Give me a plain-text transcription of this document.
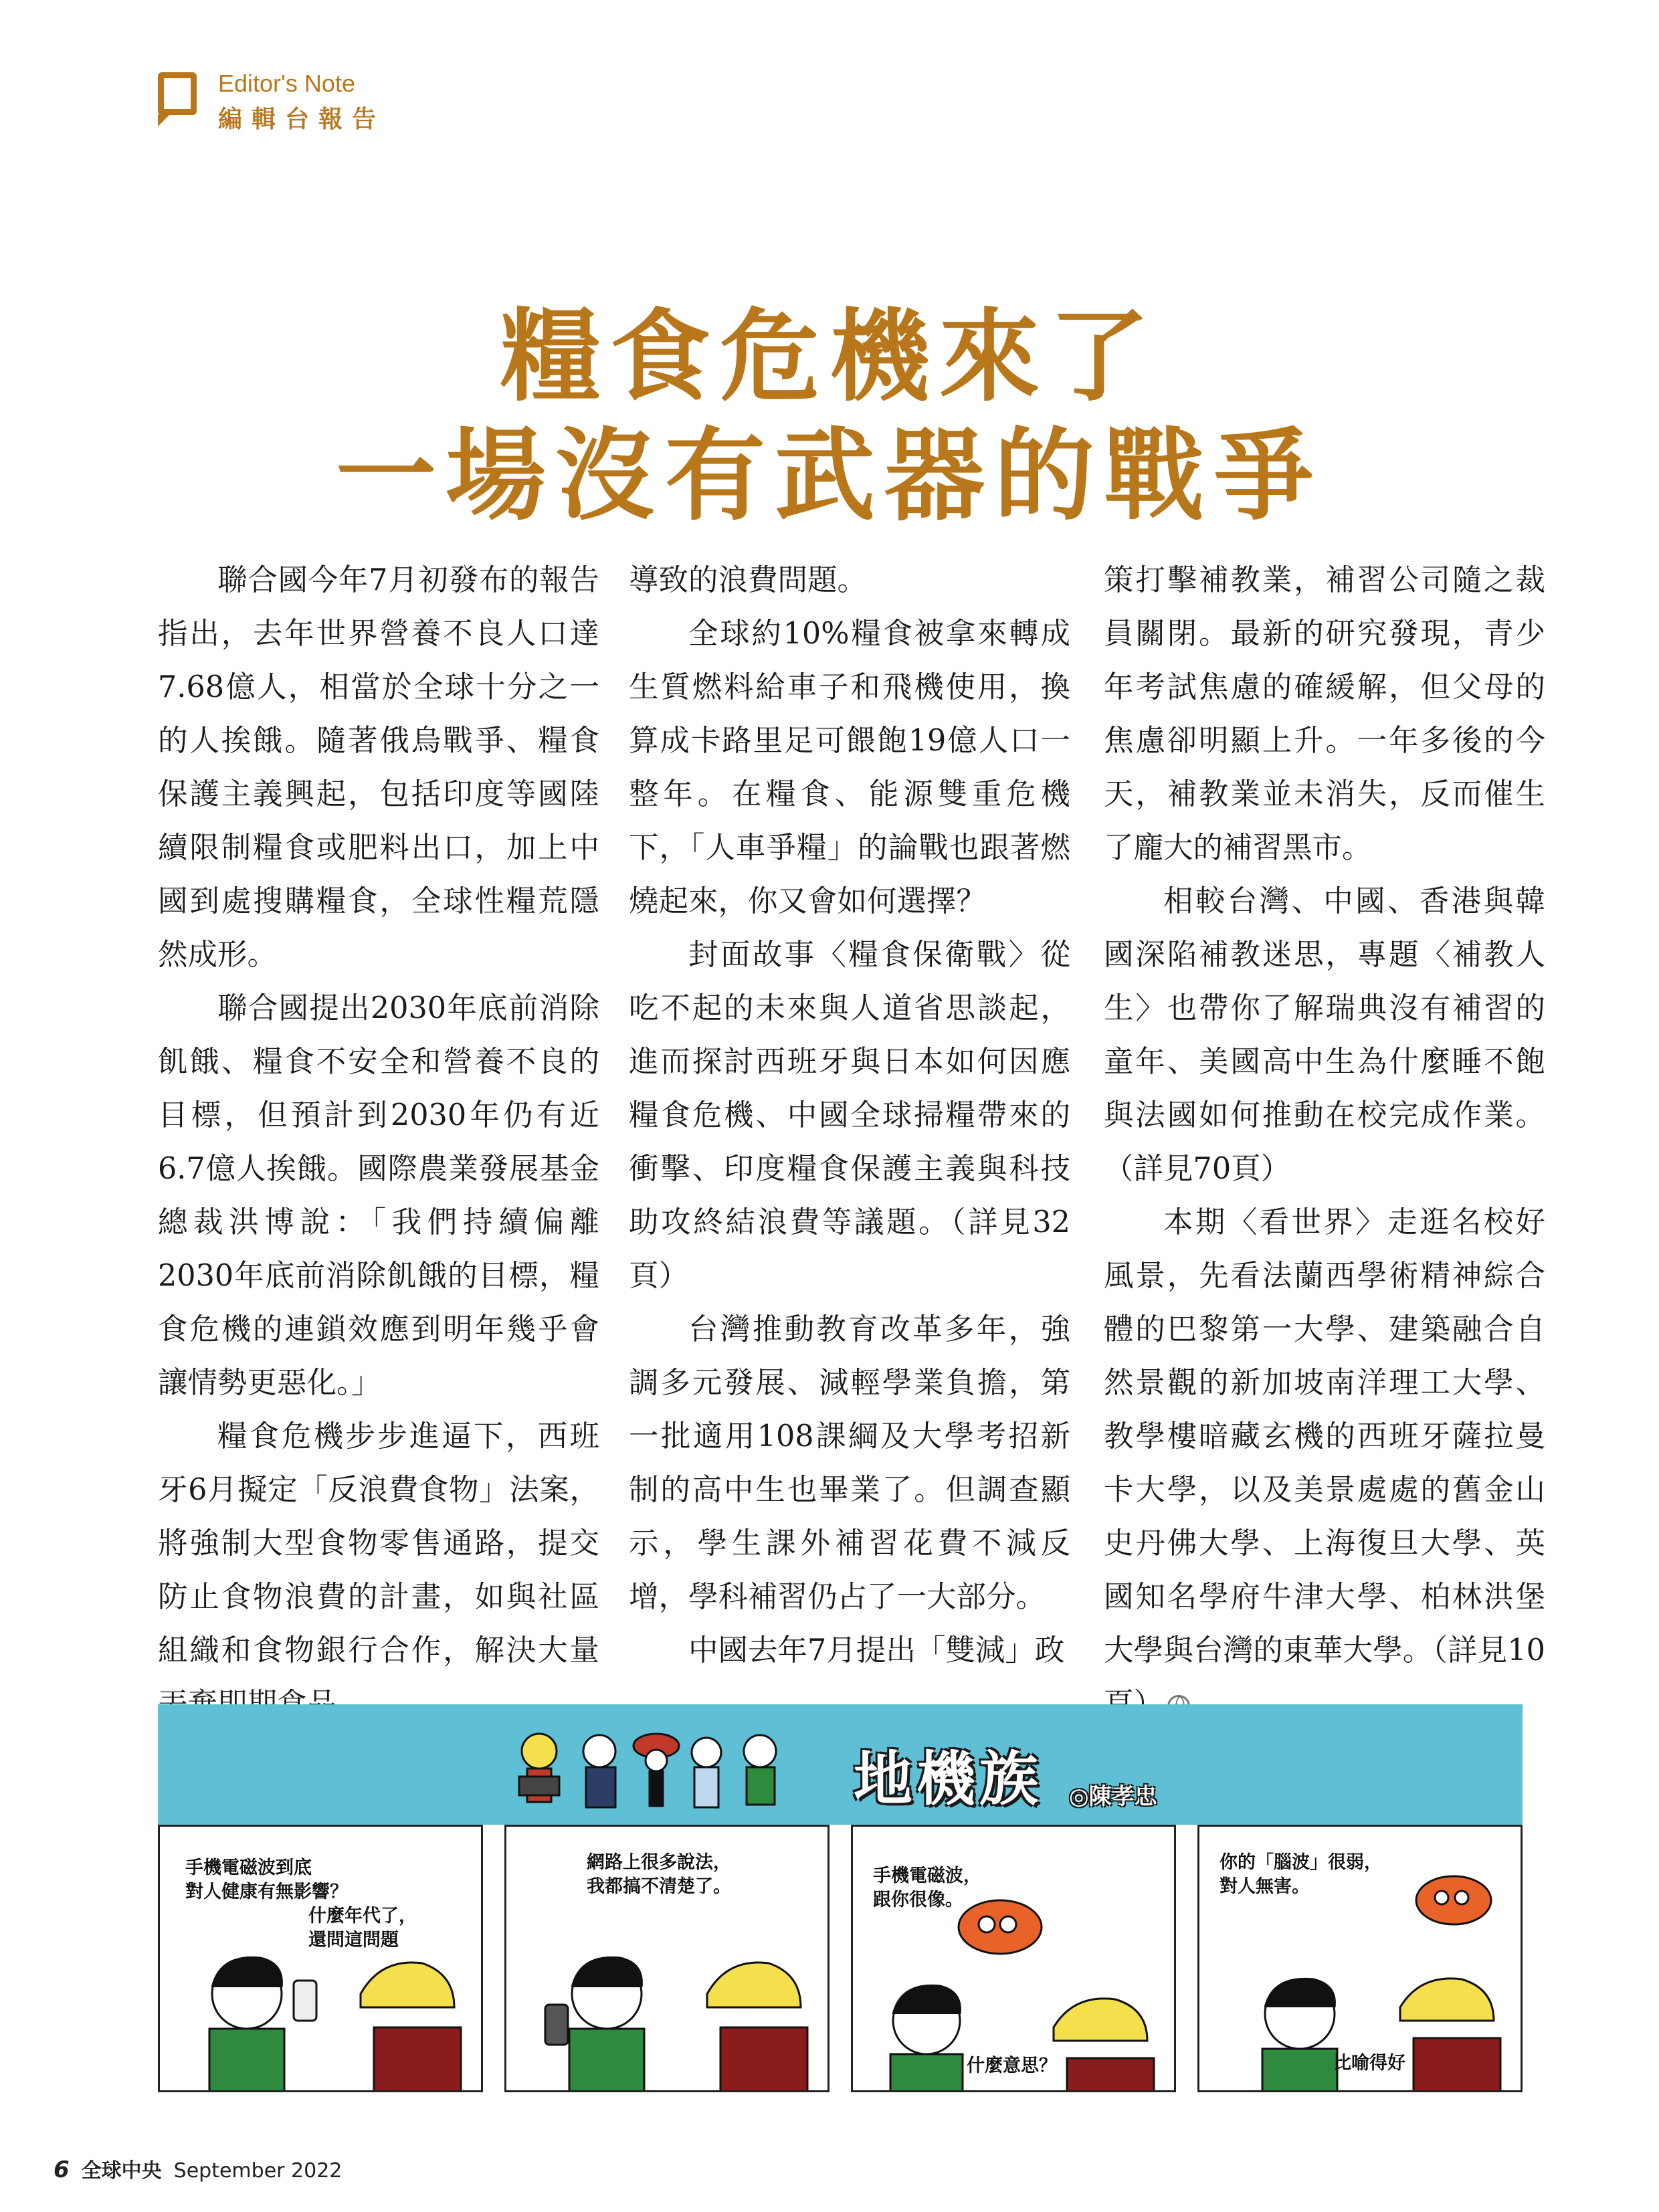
Editor's Note
編輯台報告
糧食危機來了
一場沒有武器的戰爭

聯合國今年7月初發布的報告指出，去年世界營養不良人口達7.68億人，相當於全球十分之一的人挨餓。隨著俄烏戰爭、糧食保護主義興起，包括印度等國陸續限制糧食或肥料出口，加上中國到處搜購糧食，全球性糧荒隱然成形。

聯合國提出2030年底前消除飢餓、糧食不安全和營養不良的目標，但預計到2030年仍有近6.7億人挨餓。國際農業發展基金總裁洪博說：「我們持續偏離2030年底前消除飢餓的目標，糧食危機的連鎖效應到明年幾乎會讓情勢更惡化。」

糧食危機步步進逼下，西班牙6月擬定「反浪費食物」法案，將強制大型食物零售通路，提交防止食物浪費的計畫，如與社區組織和食物銀行合作，解決大量

導致的浪費問題。

全球約10%糧食被拿來轉成生質燃料給車子和飛機使用，換算成卡路里足可餵飽19億人口一整年。在糧食、能源雙重危機下，「人車爭糧」的論戰也跟著燃燒起來，你又會如何選擇？

封面故事〈糧食保衛戰〉從吃不起的未來與人道省思談起，進而探討西班牙與日本如何因應糧食危機、中國全球掃糧帶來的衝擊、印度糧食保護主義與科技助攻終結浪費等議題。（詳見32頁）

台灣推動教育改革多年，強調多元發展、減輕學業負擔，第一批適用108課綱及大學考招新制的高中生也畢業了。但調查顯示，學生課外補習花費不減反增，學科補習仍占了一大部分。

中國去年7月提出「雙減」政

策打擊補教業，補習公司隨之裁員關閉。最新的研究發現，青少年考試焦慮的確緩解，但父母的焦慮卻明顯上升。一年多後的今天，補教業並未消失，反而催生了龐大的補習黑市。

相較台灣、中國、香港與韓國深陷補教迷思，專題〈補教人生〉也帶你了解瑞典沒有補習的童年、美國高中生為什麼睡不飽與法國如何推動在校完成作業。（詳見70頁）

本期〈看世界〉走逛名校好風景，先看法蘭西學術精神綜合體的巴黎第一大學、建築融合自然景觀的新加坡南洋理工大學、教學樓暗藏玄機的西班牙薩拉曼卡大學，以及美景處處的舊金山史丹佛大學、上海復旦大學、英國知名學府牛津大學、柏林洪堡大學與台灣的東華大學。（詳見10

地機族 ◎陳孝忠
手機電磁波到底
對人健康有無影響？
什麼年代了，
還問這問題
網路上很多說法，
我都搞不清楚了。
手機電磁波，
跟你很像。
什麼意思？
你的「腦波」很弱，
對人無害。
比喻得好
6 全球中央 September 2022
